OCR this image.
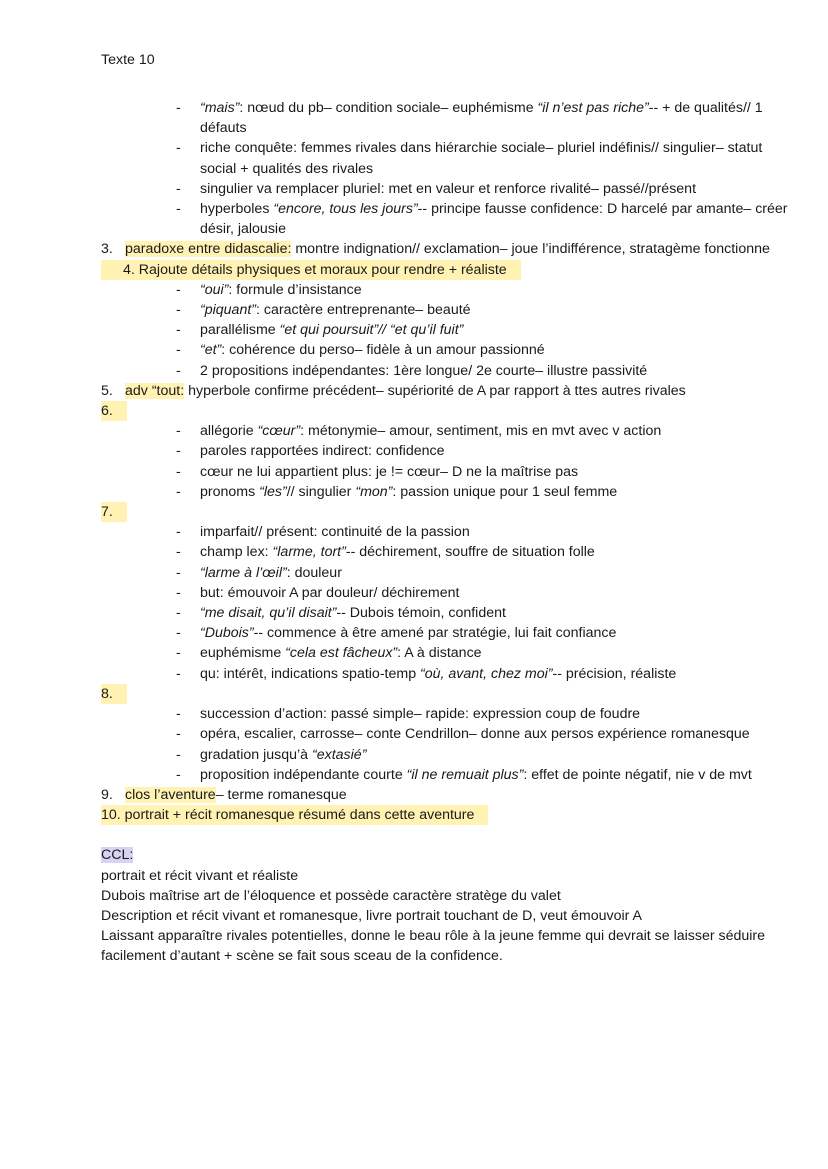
Texte 10
- “mais”: nœud du pb– condition sociale– euphémisme “il n’est pas riche”-- + de qualités// 1 défauts
- riche conquête: femmes rivales dans hiérarchie sociale– pluriel indéfinis// singulier– statut social + qualités des rivales
- singulier va remplacer pluriel: met en valeur et renforce rivalité– passé//présent
- hyperboles “encore, tous les jours”-- principe fausse confidence: D harcelé par amante– créer désir, jalousie
3. paradoxe entre didascalie: montre indignation// exclamation– joue l’indifférence, stratagème fonctionne
4. Rajoute détails physiques et moraux pour rendre + réaliste
- “oui”: formule d’insistance
- “piquant”: caractère entreprenante– beauté
- parallélisme “et qui poursuit”// “et qu’il fuit”
- “et”: cohérence du perso– fidèle à un amour passionné
- 2 propositions indépendantes: 1ère longue/ 2e courte– illustre passivité
5. adv “tout: hyperbole confirme précédent– supériorité de A par rapport à ttes autres rivales
6.
- allégorie “cœur”: métonymie– amour, sentiment, mis en mvt avec v action
- paroles rapportées indirect: confidence
- cœur ne lui appartient plus: je != cœur– D ne la maîtrise pas
- pronoms “les”// singulier “mon”: passion unique pour 1 seul femme
7.
- imparfait// présent: continuité de la passion
- champ lex: “larme, tort”-- déchirement, souffre de situation folle
- “larme à l’œil”: douleur
- but: émouvoir A par douleur/ déchirement
- “me disait, qu’il disait”-- Dubois témoin, confident
- “Dubois”-- commence à être amené par stratégie, lui fait confiance
- euphémisme “cela est fâcheux”: A à distance
- qu: intérêt, indications spatio-temp “où, avant, chez moi”-- précision, réaliste
8.
- succession d’action: passé simple– rapide: expression coup de foudre
- opéra, escalier, carrosse– conte Cendrillon– donne aux persos expérience romanesque
- gradation jusqu’à “extasié”
- proposition indépendante courte “il ne remuait plus”: effet de pointe négatif, nie v de mvt
9. clos l’aventure– terme romanesque
10. portrait + récit romanesque résumé dans cette aventure
CCL:
portrait et récit vivant et réaliste
Dubois maîtrise art de l’éloquence et possède caractère stratège du valet
Description et récit vivant et romanesque, livre portrait touchant de D, veut émouvoir A
Laissant apparaître rivales potentielles, donne le beau rôle à la jeune femme qui devrait se laisser séduire facilement d’autant + scène se fait sous sceau de la confidence.
